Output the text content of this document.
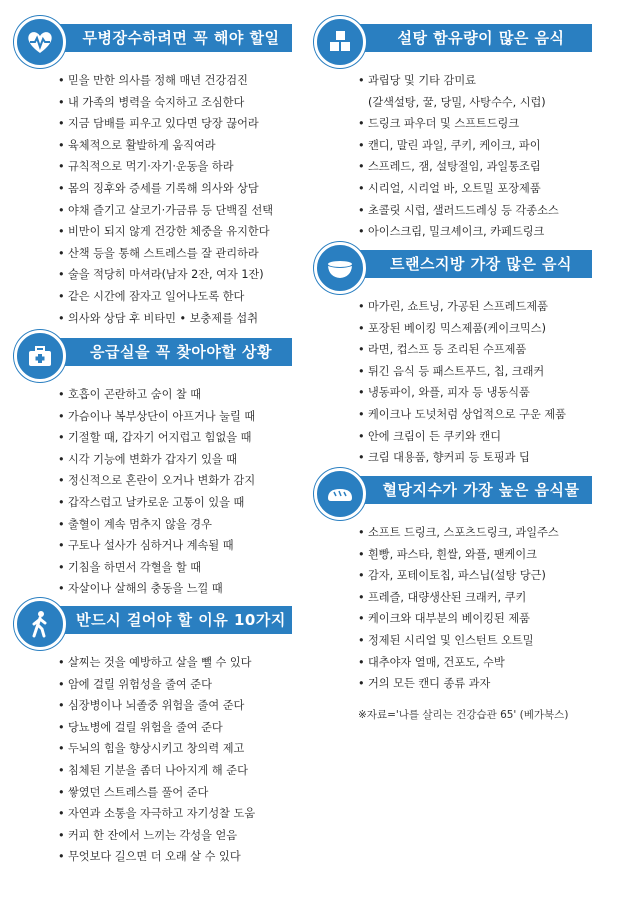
무병장수하려면 꼭 해야 할일
• 믿을 만한 의사를 정해 매년 건강검진
• 내 가족의 병력을 숙지하고 조심한다
• 지금 담배를 피우고 있다면 당장 끊어라
• 육체적으로 활발하게 움직여라
• 규칙적으로 먹기·자기·운동을 하라
• 몸의 징후와 증세를 기록해 의사와 상담
• 야채 즐기고 살코기·가금류 등 단백질 선택
• 비만이 되지 않게 건강한 체중을 유지한다
• 산책 등을 통해 스트레스를 잘 관리하라
• 술을 적당히 마셔라(남자 2잔, 여자 1잔)
• 같은 시간에 잠자고 일어나도록 한다
• 의사와 상담 후 비타민 • 보충제를 섭취
응급실을 꼭 찾아야할 상황
• 호흡이 곤란하고 숨이 찰 때
• 가슴이나 복부상단이 아프거나 눌릴 때
• 기절할 때, 갑자기 어지럽고 힘없을 때
• 시각 기능에 변화가 갑자기 있을 때
• 정신적으로 혼란이 오거나 변화가 감지
• 갑작스럽고 날카로운 고통이 있을 때
• 출혈이 계속 멈추지 않을 경우
• 구토나 설사가 심하거나 계속될 때
• 기침을 하면서 각혈을 할 때
• 자살이나 살해의 충동을 느낄 때
반드시 걸어야 할 이유 10가지
• 살찌는 것을 예방하고 살을 뺄 수 있다
• 암에 걸릴 위험성을 줄여 준다
• 심장병이나 뇌졸중 위험을 줄여 준다
• 당뇨병에 걸릴 위험을 줄여 준다
• 두뇌의 힘을 향상시키고 창의력 제고
• 침체된 기분을 좀더 나아지게 해 준다
• 쌓였던 스트레스를 풀어 준다
• 자연과 소통을 자극하고 자기성찰 도움
• 커피 한 잔에서 느끼는 각성을 얻음
• 무엇보다 길으면 더 오래 살 수 있다
설탕 함유량이 많은 음식
• 과립당 및 기타 감미료
(갈색설탕, 꿀, 당밀, 사탕수수, 시럽)
• 드링크 파우더 및 스프트드링크
• 캔디, 말린 과일, 쿠키, 케이크, 파이
• 스프레드, 잼, 설탕절임, 과일통조림
• 시리얼, 시리얼 바, 오트밀 포장제품
• 초콜릿 시럽, 샐러드드레싱 등 각종소스
• 아이스크림, 밀크셰이크, 카페드링크
트랜스지방 가장 많은 음식
• 마가린, 쇼트닝, 가공된 스프레드제품
• 포장된 베이킹 믹스제품(케이크믹스)
• 라면, 컵스프 등 조리된 수프제품
• 튀긴 음식 등 패스트푸드, 칩, 크래커
• 냉동파이, 와플, 피자 등 냉동식품
• 케이크나 도넛처럼 상업적으로 구운 제품
• 안에 크림이 든 쿠키와 캔디
• 크림 대용품, 향커피 등 토핑과 딥
혈당지수가 가장 높은 음식물
• 소프트 드링크, 스포츠드링크, 과일주스
• 흰빵, 파스타, 흰쌀, 와플, 팬케이크
• 감자, 포테이토칩, 파스닙(설탕 당근)
• 프레즐, 대량생산된 크래커, 쿠키
• 케이크와 대부분의 베이킹된 제품
• 정제된 시리얼 및 인스턴트 오트밀
• 대추야자 열매, 건포도, 수박
• 거의 모든 캔디 종류 과자
※자료='나를 살리는 건강습관 65' (베가북스)
